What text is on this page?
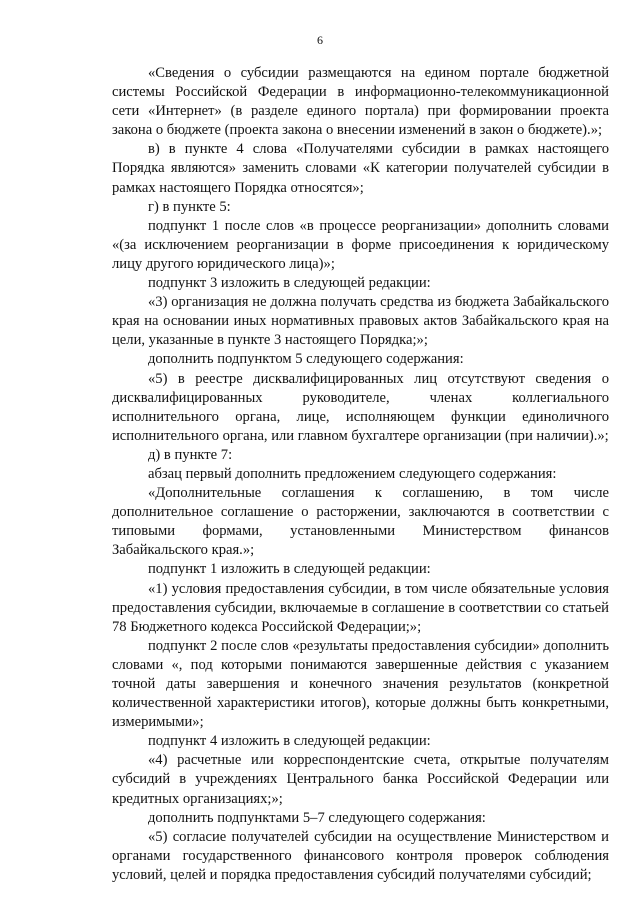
6

«Сведения о субсидии размещаются на едином портале бюджетной системы Российской Федерации в информационно-телекоммуникационной сети «Интернет» (в разделе единого портала) при формировании проекта закона о бюджете (проекта закона о внесении изменений в закон о бюджете).»;

в) в пункте 4 слова «Получателями субсидии в рамках настоящего Порядка являются» заменить словами «К категории получателей субсидии в рамках настоящего Порядка относятся»;

г) в пункте 5:

подпункт 1 после слов «в процессе реорганизации» дополнить словами «(за исключением реорганизации в форме присоединения к юридическому лицу другого юридического лица)»;

подпункт 3 изложить в следующей редакции:

«3) организация не должна получать средства из бюджета Забайкальского края на основании иных нормативных правовых актов Забайкальского края на цели, указанные в пункте 3 настоящего Порядка;»;

дополнить подпунктом 5 следующего содержания:

«5) в реестре дисквалифицированных лиц отсутствуют сведения о дисквалифицированных руководителе, членах коллегиального исполнительного органа, лице, исполняющем функции единоличного исполнительного органа, или главном бухгалтере организации (при наличии).»;

д) в пункте 7:

абзац первый дополнить предложением следующего содержания:

«Дополнительные соглашения к соглашению, в том числе дополнительное соглашение о расторжении, заключаются в соответствии с типовыми формами, установленными Министерством финансов Забайкальского края.»;

подпункт 1 изложить в следующей редакции:

«1) условия предоставления субсидии, в том числе обязательные условия предоставления субсидии, включаемые в соглашение в соответствии со статьей 78 Бюджетного кодекса Российской Федерации;»;

подпункт 2 после слов «результаты предоставления субсидии» дополнить словами «, под которыми понимаются завершенные действия с указанием точной даты завершения и конечного значения результатов (конкретной количественной характеристики итогов), которые должны быть конкретными, измеримыми»;

подпункт 4 изложить в следующей редакции:

«4) расчетные или корреспондентские счета, открытые получателям субсидий в учреждениях Центрального банка Российской Федерации или кредитных организациях;»;

дополнить подпунктами 5–7 следующего содержания:

«5) согласие получателей субсидии на осуществление Министерством и органами государственного финансового контроля проверок соблюдения условий, целей и порядка предоставления субсидий получателями субсидий;
